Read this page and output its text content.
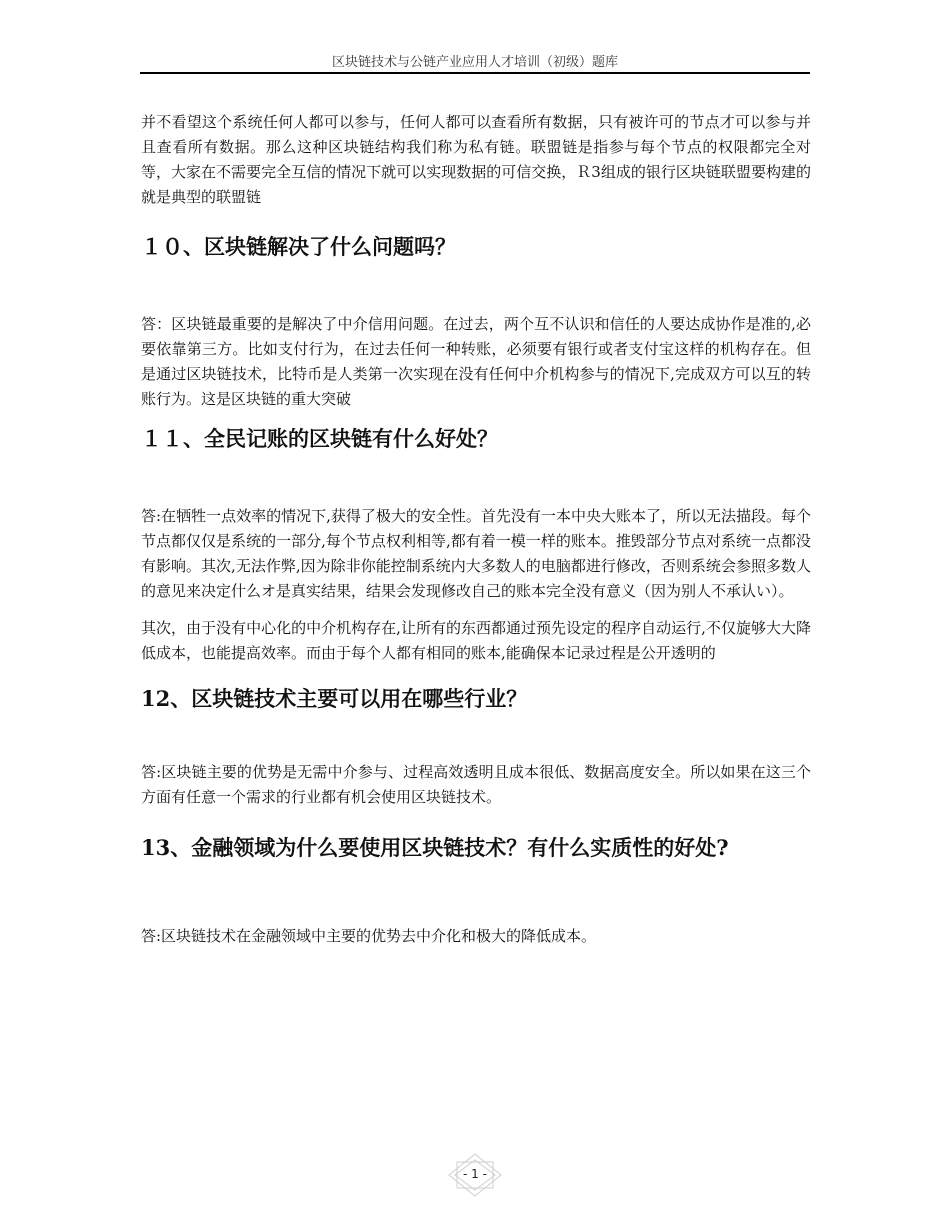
区块链技术与公链产业应用人才培训（初级）题库

并不看望这个系统任何人都可以参与，任何人都可以查看所有数据，只有被许可的节点才可以参与并且查看所有数据。那么这种区块链结构我们称为私有链。联盟链是指参与每个节点的权限都完全对等，大家在不需要完全互信的情况下就可以实现数据的可信交换，Ｒ3组成的银行区块链联盟要构建的就是典型的联盟链

１０、区块链解决了什么问题吗？

答：区块链最重要的是解决了中介信用问题。在过去，两个互不认识和信任的人要达成协作是准的,必要依靠第三方。比如支付行为，在过去任何一种转账，必须要有银行或者支付宝这样的机构存在。但是通过区块链技术，比特币是人类第一次实现在没有任何中介机构参与的情况下,完成双方可以互的转账行为。这是区块链的重大突破

１１、全民记账的区块链有什么好处？

答:在牺牲一点效率的情况下,获得了极大的安全性。首先没有一本中央大账本了，所以无法描段。每个节点都仅仅是系统的一部分,每个节点权利相等,都有着一模一样的账本。推毁部分节点对系统一点都没有影响。其次,无法作弊,因为除非你能控制系统内大多数人的电脑都进行修改，否则系统会参照多数人的意见来决定什么オ是真实结果，结果会发现修改自己的账本完全没有意义（因为别人不承认い）。

其次，由于没有中心化的中介机构存在,让所有的东西都通过预先设定的程序自动运行,不仅旋够大大降低成本，也能提高效率。而由于每个人都有相同的账本,能确保本记录过程是公开透明的

12、区块链技术主要可以用在哪些行业？

答:区块链主要的优势是无需中介参与、过程高效透明且成本很低、数据高度安全。所以如果在这三个方面有任意一个需求的行业都有机会使用区块链技术。

13、金融领域为什么要使用区块链技术？有什么实质性的好处?

答:区块链技术在金融领域中主要的优势去中介化和极大的降低成本。

- 1 -
